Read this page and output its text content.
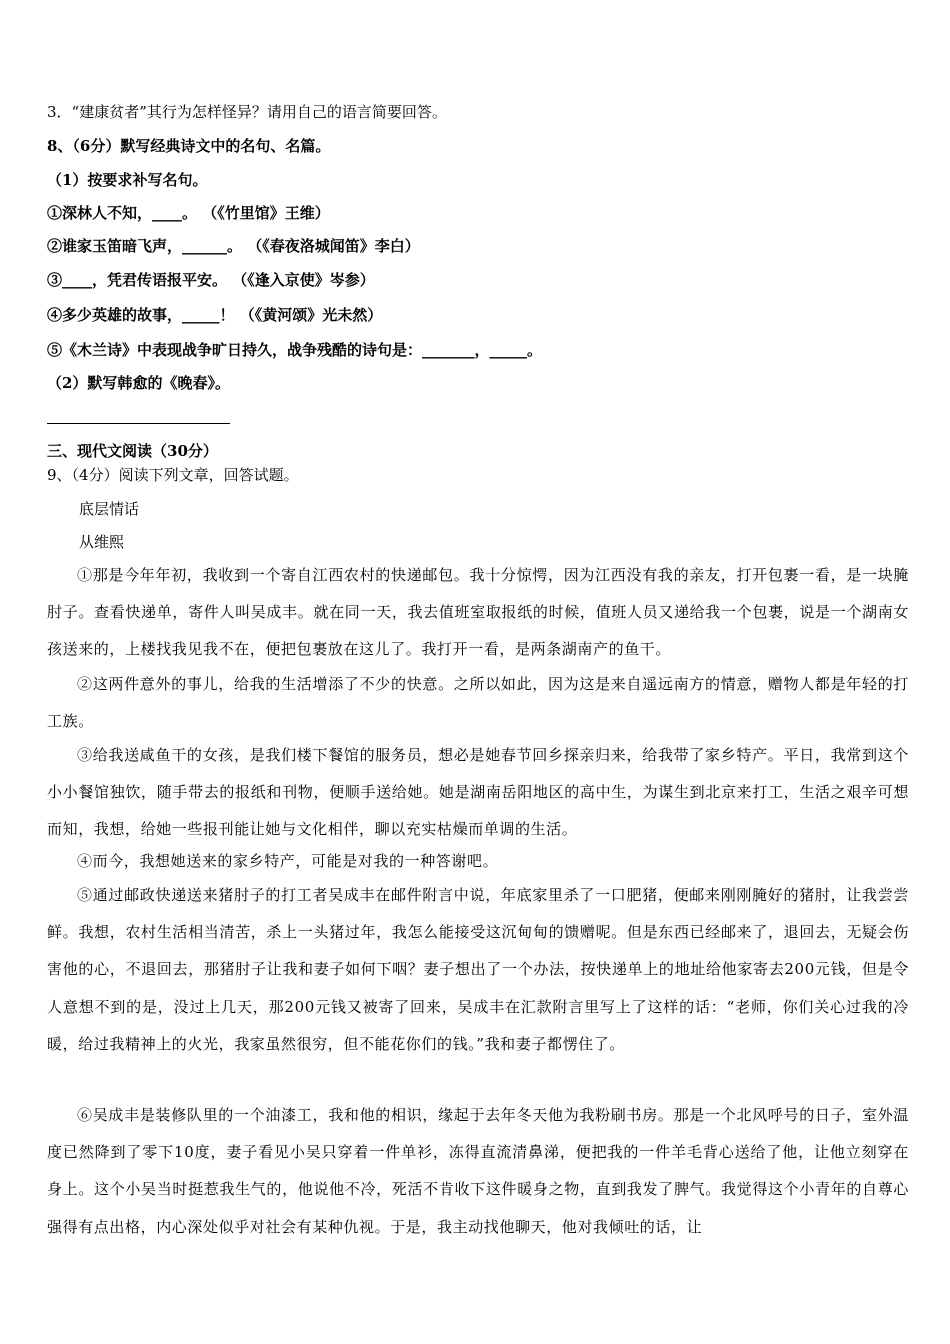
3．“建康贫者”其行为怎样怪异？请用自己的语言简要回答。
8、（6分）默写经典诗文中的名句、名篇。
（1）按要求补写名句。
①深林人不知，____。 （《竹里馆》王维）
②谁家玉笛暗飞声，______。 （《春夜洛城闻笛》李白）
③____，凭君传语报平安。 （《逢入京使》岑参）
④多少英雄的故事，_____！ （《黄河颂》光未然）
⑤《木兰诗》中表现战争旷日持久，战争残酷的诗句是：_______，_____。
（2）默写韩愈的《晚春》。
三、现代文阅读（30分）
9、（4分）阅读下列文章，回答试题。
底层情话
从维熙
①那是今年年初，我收到一个寄自江西农村的快递邮包。我十分惊愕，因为江西没有我的亲友，打开包裹一看，是一块腌肘子。查看快递单，寄件人叫吴成丰。就在同一天，我去值班室取报纸的时候，值班人员又递给我一个包裹，说是一个湖南女孩送来的，上楼找我见我不在，便把包裹放在这儿了。我打开一看，是两条湖南产的鱼干。
②这两件意外的事儿，给我的生活增添了不少的快意。之所以如此，因为这是来自遥远南方的情意，赠物人都是年轻的打工族。
③给我送咸鱼干的女孩，是我们楼下餐馆的服务员，想必是她春节回乡探亲归来，给我带了家乡特产。平日，我常到这个小小餐馆独饮，随手带去的报纸和刊物，便顺手送给她。她是湖南岳阳地区的高中生，为谋生到北京来打工，生活之艰辛可想而知，我想，给她一些报刊能让她与文化相伴，聊以充实枯燥而单调的生活。
④而今，我想她送来的家乡特产，可能是对我的一种答谢吧。
⑤通过邮政快递送来猪肘子的打工者吴成丰在邮件附言中说，年底家里杀了一口肥猪，便邮来刚刚腌好的猪肘，让我尝尝鲜。我想，农村生活相当清苦，杀上一头猪过年，我怎么能接受这沉甸甸的馈赠呢。但是东西已经邮来了，退回去，无疑会伤害他的心，不退回去，那猪肘子让我和妻子如何下咽？妻子想出了一个办法，按快递单上的地址给他家寄去200元钱，但是令人意想不到的是，没过上几天，那200元钱又被寄了回来，吴成丰在汇款附言里写上了这样的话：“老师，你们关心过我的冷暖，给过我精神上的火光，我家虽然很穷，但不能花你们的钱。”我和妻子都愣住了。
⑥吴成丰是装修队里的一个油漆工，我和他的相识，缘起于去年冬天他为我粉刷书房。那是一个北风呼号的日子，室外温度已然降到了零下10度，妻子看见小吴只穿着一件单衫，冻得直流清鼻涕，便把我的一件羊毛背心送给了他，让他立刻穿在身上。这个小吴当时挺惹我生气的，他说他不冷，死活不肯收下这件暖身之物，直到我发了脾气。我觉得这个小青年的自尊心强得有点出格，内心深处似乎对社会有某种仇视。于是，我主动找他聊天，他对我倾吐的话，让
